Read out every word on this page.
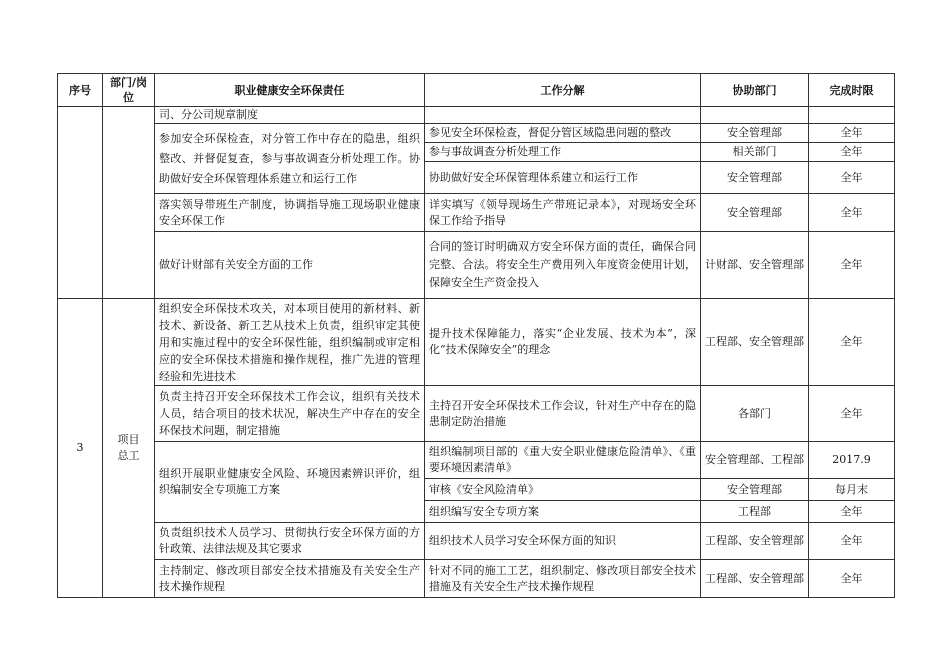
序号	部门/岗位	职业健康安全环保责任	工作分解	协助部门	完成时限
		司、分公司规章制度			
		参加安全环保检查，对分管工作中存在的隐患，组织整改、并督促复查，参与事故调查分析处理工作。协助做好安全环保管理体系建立和运行工作	参见安全环保检查，督促分管区域隐患问题的整改	安全管理部	全年
			参与事故调查分析处理工作	相关部门	全年
			协助做好安全环保管理体系建立和运行工作	安全管理部	全年
		落实领导带班生产制度，协调指导施工现场职业健康安全环保工作	详实填写《领导现场生产带班记录本》，对现场安全环保工作给予指导	安全管理部	全年
		做好计财部有关安全方面的工作	合同的签订时明确双方安全环保方面的责任，确保合同完整、合法。将安全生产费用列入年度资金使用计划，保障安全生产资金投入	计财部、安全管理部	全年
3	项目总工	组织安全环保技术攻关，对本项目使用的新材料、新技术、新设备、新工艺从技术上负责，组织审定其使用和实施过程中的安全环保性能，组织编制或审定相应的安全环保技术措施和操作规程，推广先进的管理经验和先进技术	提升技术保障能力，落实“企业发展、技术为本”，深化“技术保障安全”的理念	工程部、安全管理部	全年
		负责主持召开安全环保技术工作会议，组织有关技术人员，结合项目的技术状况，解决生产中存在的安全环保技术问题，制定措施	主持召开安全环保技术工作会议，针对生产中存在的隐患制定防治措施	各部门	全年
		组织开展职业健康安全风险、环境因素辨识评价，组织编制安全专项施工方案	组织编制项目部的《重大安全职业健康危险清单》、《重要环境因素清单》	安全管理部、工程部	2017.9
			审核《安全风险清单》	安全管理部	每月末
			组织编写安全专项方案	工程部	全年
		负责组织技术人员学习、贯彻执行安全环保方面的方针政策、法律法规及其它要求	组织技术人员学习安全环保方面的知识	工程部、安全管理部	全年
		主持制定、修改项目部安全技术措施及有关安全生产技术操作规程	针对不同的施工工艺，组织制定、修改项目部安全技术措施及有关安全生产技术操作规程	工程部、安全管理部	全年
